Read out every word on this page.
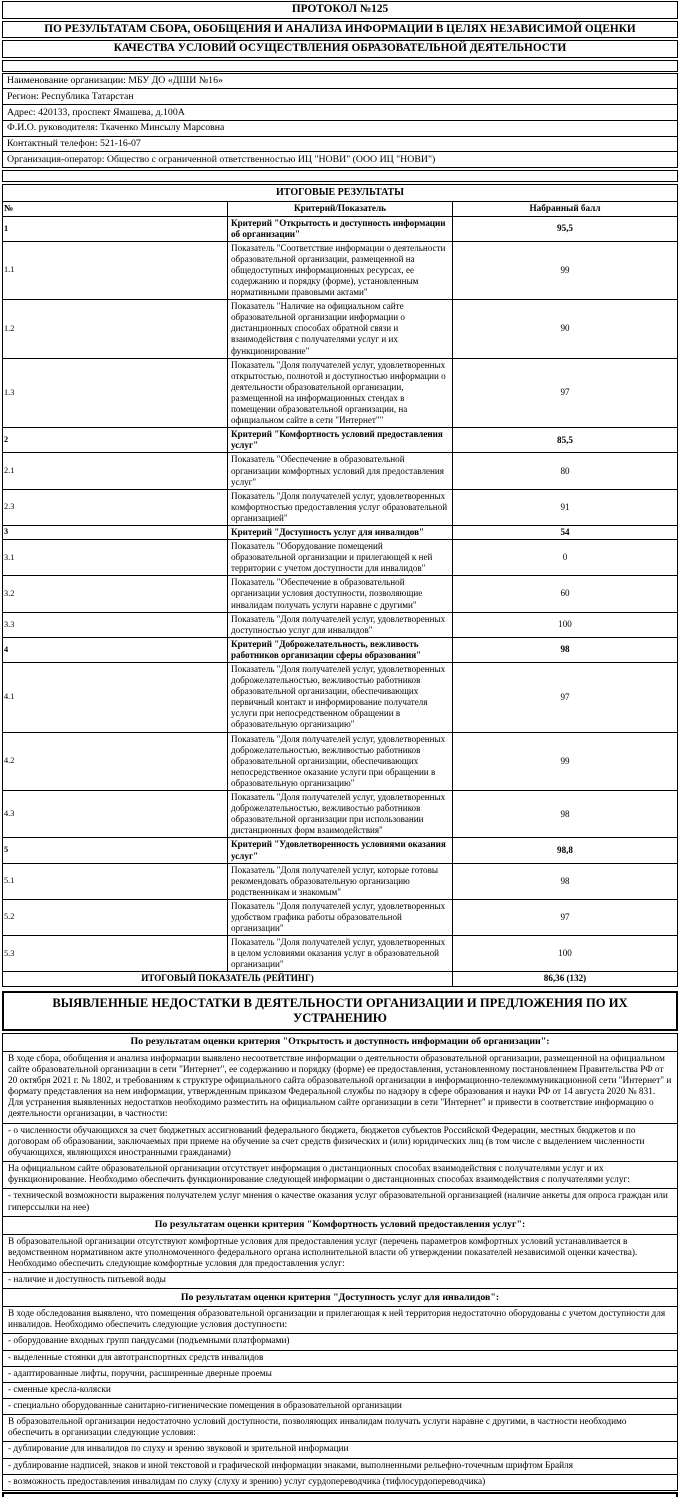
ПРОТОКОЛ №125
ПО РЕЗУЛЬТАТАМ СБОРА, ОБОБЩЕНИЯ И АНАЛИЗА ИНФОРМАЦИИ В ЦЕЛЯХ НЕЗАВИСИМОЙ ОЦЕНКИ
КАЧЕСТВА УСЛОВИЙ ОСУЩЕСТВЛЕНИЯ ОБРАЗОВАТЕЛЬНОЙ ДЕЯТЕЛЬНОСТИ
Наименование организации: МБУ ДО «ДШИ №16»
Регион: Республика Татарстан
Адрес: 420133, проспект Ямашева, д.100А
Ф.И.О. руководителя: Ткаченко Минсылу Марсовна
Контактный телефон: 521-16-07
Организация-оператор: Общество с ограниченной ответственностью ИЦ "НОВИ" (ООО ИЦ "НОВИ")
ИТОГОВЫЕ РЕЗУЛЬТАТЫ		
№	Критерий/Показатель	Набранный балл
1	Критерий "Открытость и доступность информации об организации"	95,5
1.1	Показатель "Соответствие информации о деятельности образовательной организации, размещенной на общедоступных информационных ресурсах, ее содержанию и порядку (форме), установленным нормативными правовыми актами"	99
1.2	Показатель "Наличие на официальном сайте образовательной организации информации о дистанционных способах обратной связи и взаимодействия с получателями услуг и их функционирование"	90
1.3	Показатель "Доля получателей услуг, удовлетворенных открытостью, полнотой и доступностью информации о деятельности образовательной организации, размещенной на информационных стендах в помещении образовательной организации, на официальном сайте в сети "Интернет""	97
2	Критерий "Комфортность условий предоставления услуг"	85,5
2.1	Показатель "Обеспечение в образовательной организации комфортных условий для предоставления услуг"	80
2.3	Показатель "Доля получателей услуг, удовлетворенных комфортностью предоставления услуг образовательной организацией"	91
3	Критерий "Доступность услуг для инвалидов"	54
3.1	Показатель "Оборудование помещений образовательной организации и прилегающей к ней территории с учетом доступности для инвалидов"	0
3.2	Показатель "Обеспечение в образовательной организации условия доступности, позволяющие инвалидам получать услуги наравне с другими"	60
3.3	Показатель "Доля получателей услуг, удовлетворенных доступностью услуг для инвалидов"	100
4	Критерий "Доброжелательность, вежливость работников организации сферы образования"	98
4.1	Показатель "Доля получателей услуг, удовлетворенных доброжелательностью, вежливостью работников образовательной организации, обеспечивающих первичный контакт и информирование получателя услуги при непосредственном обращении в образовательную организацию"	97
4.2	Показатель "Доля получателей услуг, удовлетворенных доброжелательностью, вежливостью работников образовательной организации, обеспечивающих непосредственное оказание услуги при обращении в образовательную организацию"	99
4.3	Показатель "Доля получателей услуг, удовлетворенных доброжелательностью, вежливостью работников образовательной организации при использовании дистанционных форм взаимодействия"	98
5	Критерий "Удовлетворенность условиями оказания услуг"	98,8
5.1	Показатель "Доля получателей услуг, которые готовы рекомендовать образовательную организацию родственникам и знакомым"	98
5.2	Показатель "Доля получателей услуг, удовлетворенных удобством графика работы образовательной организации"	97
5.3	Показатель "Доля получателей услуг, удовлетворенных в целом условиями оказания услуг в образовательной организации"	100
ИТОГОВЫЙ ПОКАЗАТЕЛЬ (РЕЙТИНГ)		86,36 (132)
ВЫЯВЛЕННЫЕ НЕДОСТАТКИ В ДЕЯТЕЛЬНОСТИ ОРГАНИЗАЦИИ И ПРЕДЛОЖЕНИЯ ПО ИХ УСТРАНЕНИЮ
По результатам оценки критерия "Открытость и доступность информации об организации":
В ходе сбора, обобщения и анализа информации выявлено несоответствие информации о деятельности образовательной организации, размещенной на официальном сайте образовательной организации в сети "Интернет", ее содержанию и порядку (форме) ее предоставления, установленному постановлением Правительства РФ от 20 октября 2021 г. № 1802, и требованиям к структуре официального сайта образовательной организации в информационно-телекоммуникационной сети "Интернет" и формату представления на нем информации, утвержденным приказом Федеральной службы по надзору в сфере образования и науки РФ от 14 августа 2020 № 831. Для устранения выявленных недостатков необходимо разместить на официальном сайте организации в сети "Интернет" и привести в соответствие информацию о деятельности организации, в частности:
- о численности обучающихся за счет бюджетных ассигнований федерального бюджета, бюджетов субъектов Российской Федерации, местных бюджетов и по договорам об образовании, заключаемых при приеме на обучение за счет средств физических и (или) юридических лиц (в том числе с выделением численности обучающихся, являющихся иностранными гражданами)
На официальном сайте образовательной организации отсутствует информация о дистанционных способах взаимодействия с получателями услуг и их функционирование. Необходимо обеспечить функционирование следующей информации о дистанционных способах взаимодействия с получателями услуг:
- технической возможности выражения получателем услуг мнения о качестве оказания услуг образовательной организацией (наличие анкеты для опроса граждан или гиперссылки на нее)
По результатам оценки критерия "Комфортность условий предоставления услуг":
В образовательной организации отсутствуют комфортные условия для предоставления услуг (перечень параметров комфортных условий устанавливается в ведомственном нормативном акте уполномоченного федерального органа исполнительной власти об утверждении показателей независимой оценки качества). Необходимо обеспечить следующие комфортные условия для предоставления услуг:
- наличие и доступность питьевой воды
По результатам оценки критерия "Доступность услуг для инвалидов":
В ходе обследования выявлено, что помещения образовательной организации и прилегающая к ней территория недостаточно оборудованы с учетом доступности для инвалидов. Необходимо обеспечить следующие условия доступности:
- оборудование входных групп пандусами (подъемными платформами)
- выделенные стоянки для автотранспортных средств инвалидов
- адаптированные лифты, поручни, расширенные дверные проемы
- сменные кресла-коляски
- специально оборудованные санитарно-гигиенические помещения в образовательной организации
В образовательной организации недостаточно условий доступности, позволяющих инвалидам получать услуги наравне с другими, в частности необходимо обеспечить в организации следующие условия:
- дублирование для инвалидов по слуху и зрению звуковой и зрительной информации
- дублирование надписей, знаков и иной текстовой и графической информации знаками, выполненными рельефно-точечным шрифтом Брайля
- возможность предоставления инвалидам по слуху (слуху и зрению) услуг сурдопереводчика (тифлосурдопереводчика)
